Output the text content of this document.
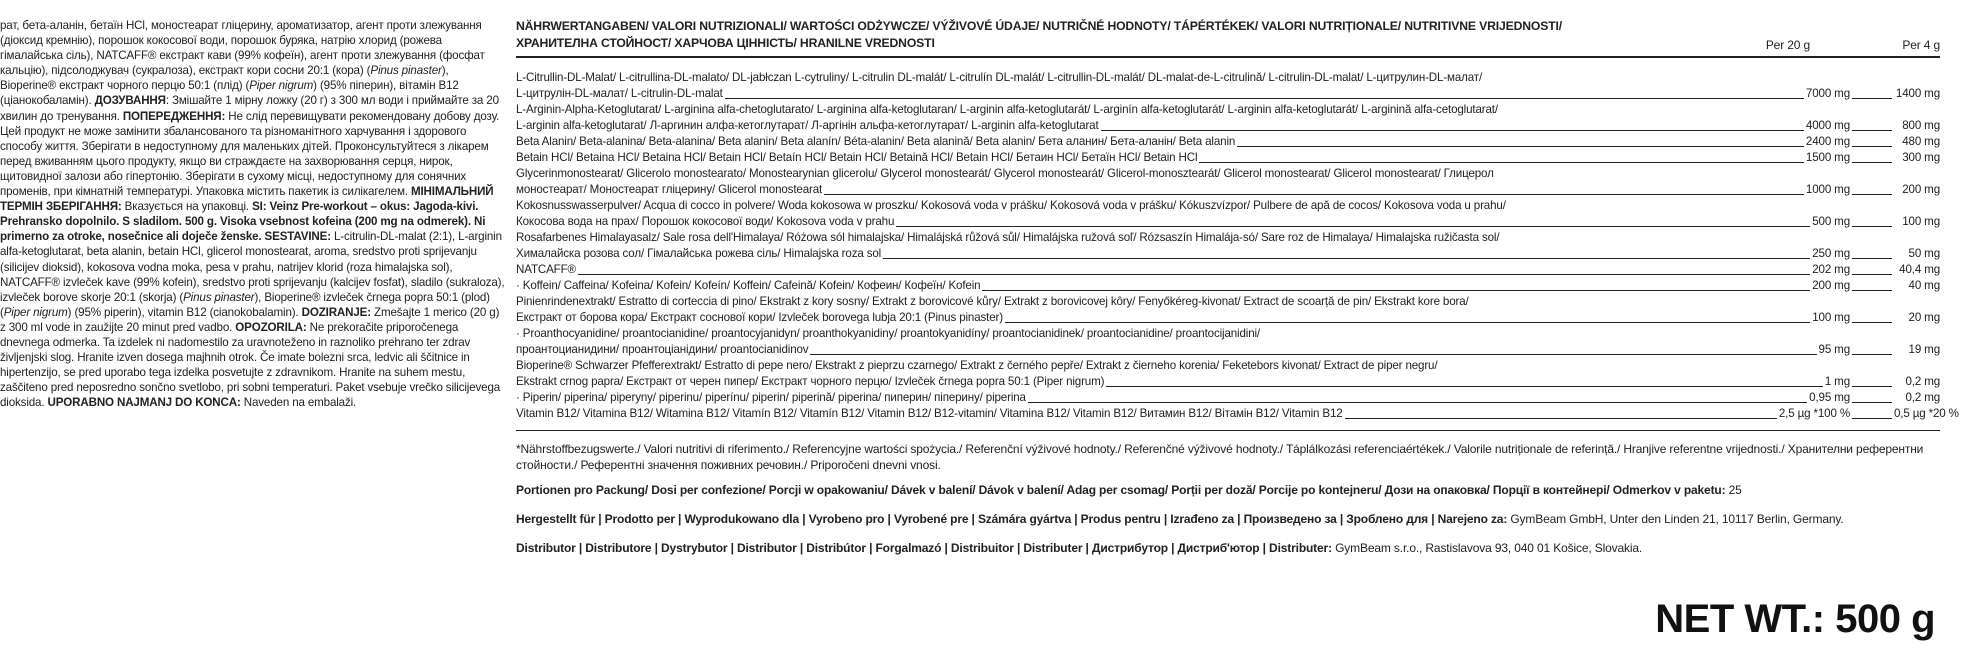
рат, бета-аланін, бетаїн HCl, моностеарат гліцерину, ароматизатор, агент проти злежування (діоксид кремнію), порошок кокосової води, порошок буряка, натрію хлорид (рожева гімалайська сіль), NATCAFF® екстракт кави (99% кофеїн), агент проти злежування (фосфат кальцію), підсолоджувач (сукралоза), екстракт кори сосни 20:1 (кора) (Pinus pinaster), Bioperine® екстракт чорного перцю 50:1 (плід) (Piper nigrum) (95% піперин), вітамін B12 (ціанокобаламін). ДОЗУВАННЯ: Змішайте 1 мірну ложку (20 г) з 300 мл води і приймайте за 20 хвилин до тренування. ПОПЕРЕДЖЕННЯ: Не слід перевищувати рекомендовану добову дозу. Цей продукт не може замінити збалансованого та різноманітного харчування і здорового способу життя. Зберігати в недоступному для маленьких дітей. Проконсультуйтеся з лікарем перед вживанням цього продукту, якщо ви страждаєте на захворювання серця, нирок, щитовидної залози або гіпертонію. Зберігати в сухому місці, недоступному для сонячних променів, при кімнатній температурі. Упаковка містить пакетик із силікагелем. МІНІМАЛЬНИЙ ТЕРМІН ЗБЕРІГАННЯ: Вказується на упаковці. SI: Veinz Pre-workout – okus: Jagoda-kivi. Prehransko dopolnilo. S sladilom. 500 g. Visoka vsebnost kofeina (200 mg na odmerek). Ni primerno za otroke, nosečnice ali doječe ženske. SESTAVINE: L-citrulin-DL-malat (2:1), L-arginin alfa-ketoglutarat, beta alanin, betain HCl, glicerol monostearat, aroma, sredstvo proti sprijevanju (silicijev dioksid), kokosova vodna moka, pesa v prahu, natrijev klorid (roza himalajska sol), NATCAFF® izvleček kave (99% kofein), sredstvo proti sprijevanju (kalcijev fosfat), sladilo (sukraloza), izvleček borove skorje 20:1 (skorja) (Pinus pinaster), Bioperine® izvleček črnega popra 50:1 (plod) (Piper nigrum) (95% piperin), vitamin B12 (cianokobalamin). DOZIRANJE: Zmešajte 1 merico (20 g) z 300 ml vode in zaužijte 20 minut pred vadbo. OPOZORILA: Ne prekoračite priporočenega dnevnega odmerka. Ta izdelek ni nadomestilo za uravnoteženo in raznoliko prehrano ter zdrav življenjski slog. Hranite izven dosega majhnih otrok. Če imate bolezni srca, ledvic ali ščitnice in hipertenzijo, se pred uporabo tega izdelka posvetujte z zdravnikom. Hranite na suhem mestu, zaščiteno pred neposredno sončno svetlobo, pri sobni temperaturi. Paket vsebuje vrečko silicijevega dioksida. UPORABNO NAJMANJ DO KONCA: Naveden na embalaži.
NÄHRWERTANGABEN/ VALORI NUTRIZIONALI/ WARTOŚCI ODŻYWCZE/ VÝŽIVOVÉ ÚDAJE/ NUTRIČNÉ HODNOTY/ TÁPÉRTÉKEK/ VALORI NUTRIȚIONALE/ NUTRITIVNE VRIJEDNOSTI/ ХРАНИТЕЛНА СТОЙНОСТ/ ХАРЧОВА ЦІННІСТЬ/ HRANILNE VREDNOSTI	Per 20 g	Per 4 g
L-Citrullin-DL-Malat/ L-citrullina-DL-malato/ DL-jabłczan L-cytruliny/ L-citrulin DL-malát/ L-citrulín DL-malát/ L-citrullin-DL-malát/ DL-malat-de-L-citrulină/ L-citrulin-DL-malat/ L-цитрулин-DL-малат/
L-цитрулін-DL-малат/ L-citrulin-DL-malat	7000 mg	1400 mg
L-Arginin-Alpha-Ketoglutarat/ L-arginina alfa-chetoglutarato/ L-arginina alfa-ketoglutaran/ L-arginin alfa-ketoglutarát/ L-arginín alfa-ketoglutarát/ L-arginin alfa-ketoglutarát/ L-arginină alfa-cetoglutarat/
L-arginin alfa-ketoglutarat/ Л-аргинин алфа-кетоглутарат/ Л-аргінін альфа-кетоглутарат/ L-arginin alfa-ketoglutarat	4000 mg	800 mg
Beta Alanin/ Beta-alanina/ Beta-alanina/ Beta alanin/ Beta alanín/ Béta-alanin/ Beta alanină/ Beta alanin/ Бета аланин/ Бета-аланін/ Beta alanin	2400 mg	480 mg
Betain HCl/ Betaina HCl/ Betaina HCl/ Betain HCl/ Betaín HCl/ Betain HCl/ Betaină HCl/ Betain HCl/ Бетаин HCl/ Бетаїн HCl/ Betain HCl	1500 mg	300 mg
Glycerinmonostearat/ Glicerolo monostearato/ Monostearynian glicerolu/ Glycerol monostearát/ Glycerol monostearát/ Glicerol-monosztearát/ Glicerol monostearat/ Glicerol monostearat/ Глицерол
моностеарат/ Моностеарат гліцерину/ Glicerol monostearat	1000 mg	200 mg
Kokosnusswasserpulver/ Acqua di cocco in polvere/ Woda kokosowa w proszku/ Kokosová voda v prášku/ Kokosová voda v prášku/ Kókuszvízpor/ Pulbere de apă de cocos/ Kokosova voda u prahu/
Кокосова вода на прах/ Порошок кокосової води/ Kokosova voda v prahu	500 mg	100 mg
Rosafarbenes Himalayasalz/ Sale rosa dell'Himalaya/ Różowa sól himalajska/ Himalájská růžová sůl/ Himalájska ružová soľ/ Rózsaszín Himalája-só/ Sare roz de Himalaya/ Himalajska ružičasta sol/
Хималайска розова сол/ Гімалайська рожева сіль/ Himalajska roza sol	250 mg	50 mg
NATCAFF®	202 mg	40,4 mg
· Koffein/ Caffeina/ Kofeina/ Kofein/ Kofeín/ Koffein/ Cafeină/ Kofein/ Кофеин/ Кофеїн/ Kofein	200 mg	40 mg
Pinienrindenextrakt/ Estratto di corteccia di pino/ Ekstrakt z kory sosny/ Extrakt z borovicové kůry/ Extrakt z borovicovej kôry/ Fenyőkéreg-kivonat/ Extract de scoarță de pin/ Ekstrakt kore bora/
Екстракт от борова кора/ Екстракт соснової кори/ Izvleček borovega lubja 20:1 (Pinus pinaster)	100 mg	20 mg
· Proanthocyanidine/ proantocianidine/ proantocyjanidyn/ proanthokyanidiny/ proantokyanidíny/ proantocianidinek/ proantocianidine/ proantocijanidini/
проантоцианидини/ проантоціанідини/ proantocianidinov	95 mg	19 mg
Bioperine® Schwarzer Pfefferextrakt/ Estratto di pepe nero/ Ekstrakt z pieprzu czarnego/ Extrakt z černého pepře/ Extrakt z čierneho korenia/ Feketebors kivonat/ Extract de piper negru/
Ekstrakt crnog papra/ Екстракт от черен пипер/ Екстракт чорного перцю/ Izvleček črnega popra 50:1 (Piper nigrum)	1 mg	0,2 mg
· Piperin/ piperina/ piperyny/ piperinu/ piperínu/ piperin/ piperină/ piperina/ пиперин/ піперину/ piperina	0,95 mg	0,2 mg
Vitamin B12/ Vitamina B12/ Witamina B12/ Vitamín B12/ Vitamín B12/ Vitamin B12/ B12-vitamin/ Vitamina B12/ Vitamin B12/ Витамин B12/ Вітамін B12/ Vitamin B12	2,5 µg *100 %	0,5 µg *20 %
*Nährstoffbezugswerte./ Valori nutritivi di riferimento./ Referencyjne wartości spożycia./ Referenční výživové hodnoty./ Referenčné výživové hodnoty./ Táplálkozási referenciaértékek./ Valorile nutriționale de referință./ Hranjive referentne vrijednosti./ Хранителни референтни стойности./ Референтні значення поживних речовин./ Priporočeni dnevni vnosi.
Portionen pro Packung/ Dosi per confezione/ Porcji w opakowaniu/ Dávek v balení/ Dávok v balení/ Adag per csomag/ Porții per doză/ Porcije po kontejneru/ Дози на опаковка/ Порції в контейнері/ Odmerkov v paketu: 25
Hergestellt für | Prodotto per | Wyprodukowano dla | Vyrobeno pro | Vyrobené pre | Számára gyártva | Produs pentru | Izrađeno za | Произведено за | Зроблено для | Narejeno za: GymBeam GmbH, Unter den Linden 21, 10117 Berlin, Germany.
Distributor | Distributore | Dystrybutor | Distributor | Distribútor | Forgalmazó | Distribuitor | Distributer | Дистрибутор | Дистриб'ютор | Distributer: GymBeam s.r.o., Rastislavova 93, 040 01 Košice, Slovakia.
NET WT.: 500 g
